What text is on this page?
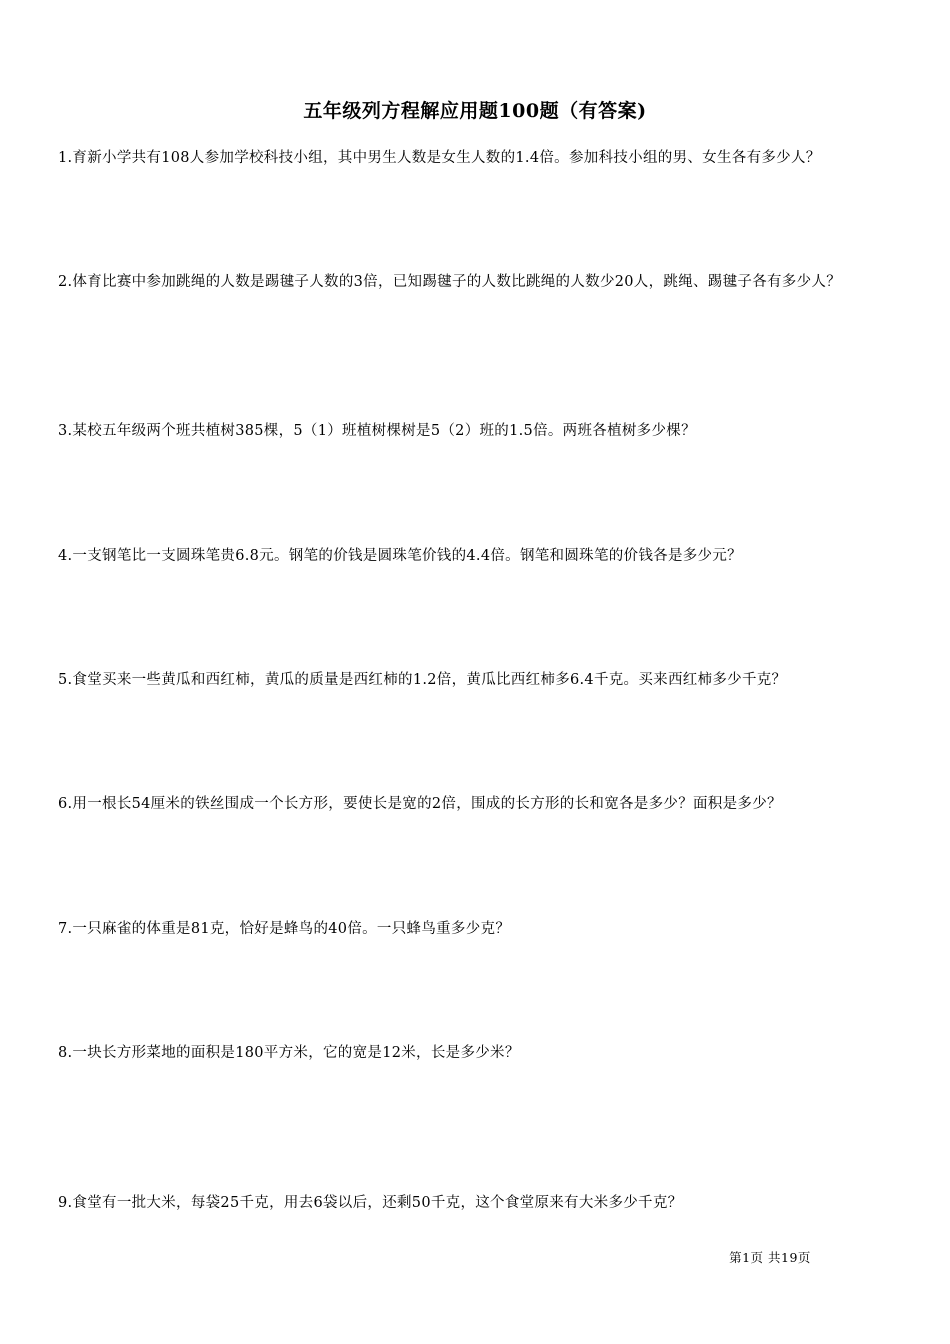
五年级列方程解应用题100题（有答案)
1.育新小学共有108人参加学校科技小组，其中男生人数是女生人数的1.4倍。参加科技小组的男、女生各有多少人？
2.体育比赛中参加跳绳的人数是踢毽子人数的3倍，已知踢毽子的人数比跳绳的人数少20人，跳绳、踢毽子各有多少人？
3.某校五年级两个班共植树385棵，5（1）班植树棵树是5（2）班的1.5倍。两班各植树多少棵？
4.一支钢笔比一支圆珠笔贵6.8元。钢笔的价钱是圆珠笔价钱的4.4倍。钢笔和圆珠笔的价钱各是多少元？
5.食堂买来一些黄瓜和西红柿，黄瓜的质量是西红柿的1.2倍，黄瓜比西红柿多6.4千克。买来西红柿多少千克？
6.用一根长54厘米的铁丝围成一个长方形，要使长是宽的2倍，围成的长方形的长和宽各是多少？面积是多少？
7.一只麻雀的体重是81克，恰好是蜂鸟的40倍。一只蜂鸟重多少克？
8.一块长方形菜地的面积是180平方米，它的宽是12米，长是多少米？
9.食堂有一批大米，每袋25千克，用去6袋以后，还剩50千克，这个食堂原来有大米多少千克？
第1页 共19页
